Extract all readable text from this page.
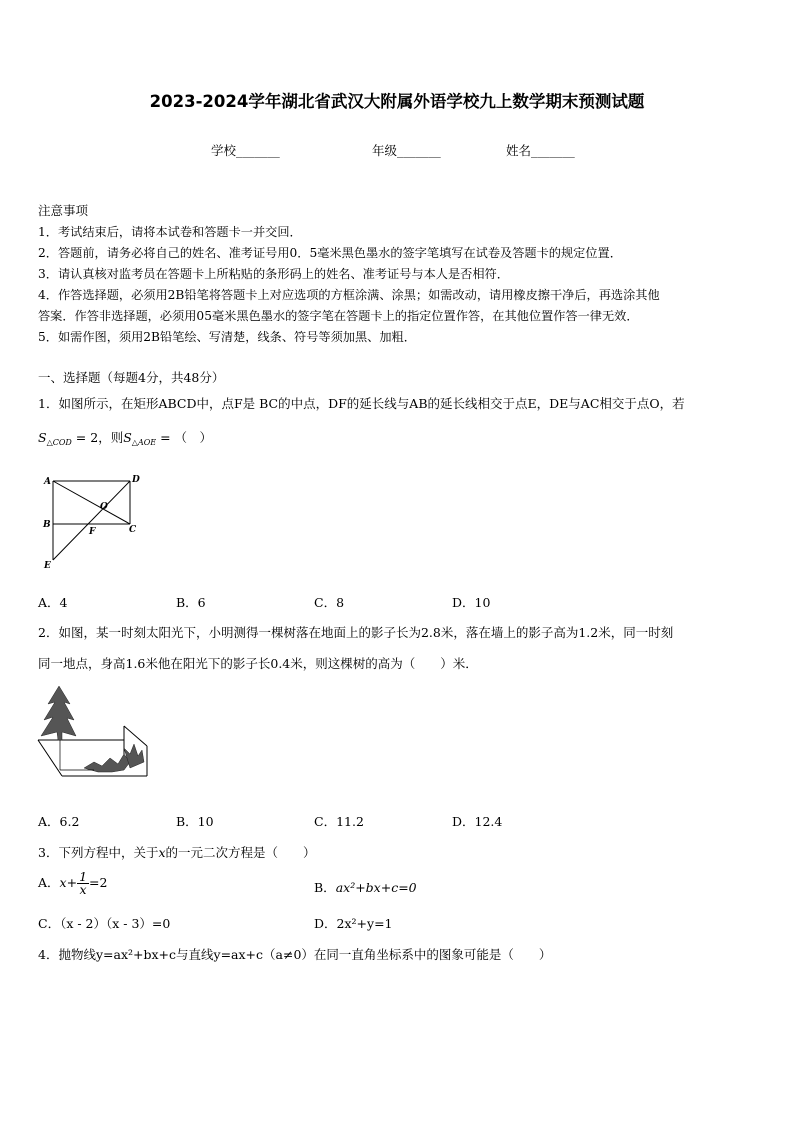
2023-2024学年湖北省武汉大附属外语学校九上数学期末预测试题
学校_______	年级_______	姓名_______
注意事项
1．考试结束后，请将本试卷和答题卡一并交回．
2．答题前，请务必将自己的姓名、准考证号用0．5毫米黑色墨水的签字笔填写在试卷及答题卡的规定位置．
3．请认真核对监考员在答题卡上所粘贴的条形码上的姓名、准考证号与本人是否相符．
4．作答选择题，必须用2B铅笔将答题卡上对应选项的方框涂满、涂黑；如需改动，请用橡皮擦干净后，再选涂其他
答案．作答非选择题，必须用05毫米黑色墨水的签字笔在答题卡上的指定位置作答，在其他位置作答一律无效．
5．如需作图，须用2B铅笔绘、写清楚，线条、符号等须加黑、加粗．
一、选择题（每题4分，共48分）
1．如图所示，在矩形ABCD中，点F是 BC的中点，DF的延长线与AB的延长线相交于点E，DE与AC相交于点O，若
$S_{\triangle COD} = 2$，则$S_{\triangle AOE}$ = （　）
A	D
O
B
F	C
E
A．4	B．6	C．8	D．10
2．如图，某一时刻太阳光下，小明测得一棵树落在地面上的影子长为2.8米，落在墙上的影子高为1.2米，同一时刻
同一地点，身高1.6米他在阳光下的影子长0.4米，则这棵树的高为（　　）米．
A．6.2	B．10	C．11.2	D．12.4
3．下列方程中，关于x的一元二次方程是（　　）
A．$x+ \frac{1}{x} =2$	B．ax²+bx+c=0
C．（x - 2）（x - 3）=0	D．2x²+y=1
4．抛物线y=ax²+bx+c与直线y=ax+c（a≠0）在同一直角坐标系中的图象可能是（　　）
